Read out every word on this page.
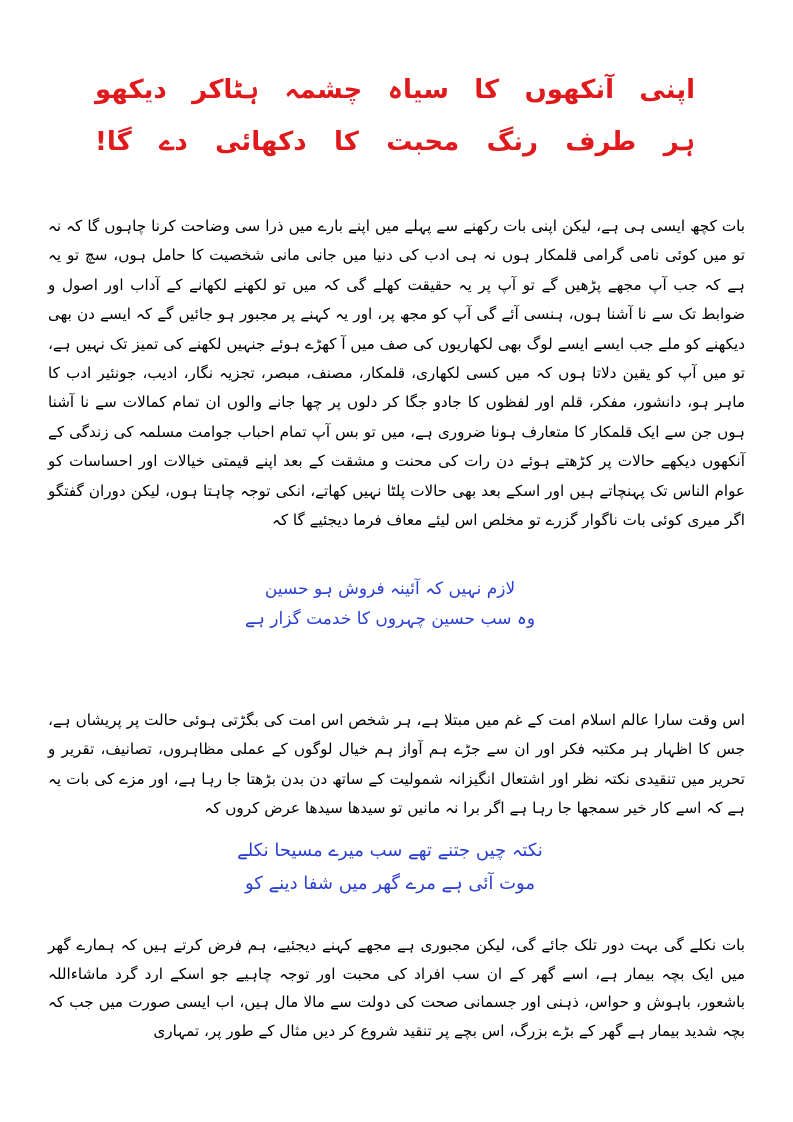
اپنی
آنکھوں
کا
سیاہ
چشمہ
ہٹاکر
دیکھو
ہر
طرف
رنگ
محبت
کا
دکھائی
دے
گا!

بات کچھ ایسی ہی ہے، لیکن اپنی بات رکھنے سے پہلے میں اپنے بارے میں ذرا سی وضاحت کرنا چاہوں گا کہ نہ تو میں کوئی نامی گرامی قلمکار ہوں نہ ہی ادب کی دنیا میں جانی مانی شخصیت کا حامل ہوں، سچ تو یہ ہے کہ جب آپ مجھے پڑھیں گے تو آپ پر یہ حقیقت کھلے گی کہ میں تو لکھنے لکھانے کے آداب اور اصول و ضوابط تک سے نا آشنا ہوں، ہنسی آئے گی آپ کو مجھ پر، اور یہ کہنے پر مجبور ہو جائیں گے کہ ایسے دن بھی دیکھنے کو ملے جب ایسے ایسے لوگ بھی لکھاریوں کی صف میں آ کھڑے ہوئے جنہیں لکھنے کی تمیز تک نہیں ہے، تو میں آپ کو یقین دلاتا ہوں کہ میں کسی لکھاری، قلمکار، مصنف، مبصر، تجزیہ نگار، ادیب، جونئیر ادب کا ماہر ہو، دانشور، مفکر، قلم اور لفظوں کا جادو جگا کر دلوں پر چھا جانے والوں ان تمام کمالات سے نا آشنا ہوں جن سے ایک قلمکار کا متعارف ہونا ضروری ہے، میں تو بس آپ تمام احباب جوامت مسلمہ کی زندگی کے آنکھوں دیکھے حالات پر کڑھتے ہوئے دن رات کی محنت و مشقت کے بعد اپنے قیمتی خیالات اور احساسات کو عوام الناس تک پہنچاتے ہیں اور اسکے بعد بھی حالات پلٹا نہیں کھاتے، انکی توجہ چاہتا ہوں، لیکن دوران گفتگو اگر میری کوئی بات ناگوار گزرے تو مخلص اس لیئے معاف فرما دیجئیے گا کہ

لازم نہیں کہ آئینہ فروش ہو حسین
وہ سب حسین چہروں کا خدمت گزار ہے

اس وقت سارا عالم اسلام امت کے غم میں مبتلا ہے، ہر شخص اس امت کی بگڑتی ہوئی حالت پر پریشاں ہے، جس کا اظہار ہر مکتبہ فکر اور ان سے جڑے ہم آواز ہم خیال لوگوں کے عملی مظاہروں، تصانیف، تقریر و تحریر میں تنقیدی نکتہ نظر اور اشتعال انگیزانہ شمولیت کے ساتھ دن بدن بڑھتا جا رہا ہے، اور مزے کی بات یہ ہے کہ اسے کار خیر سمجھا جا رہا ہے اگر برا نہ مانیں تو سیدھا سیدھا عرض کروں کہ

نکتہ چیں جتنے تھے سب میرے مسیحا نکلے
موت آئی ہے مرے گھر میں شفا دینے کو

بات نکلے گی بہت دور تلک جائے گی، لیکن مجبوری ہے مجھے کہنے دیجئیے، ہم فرض کرتے ہیں کہ ہمارے گھر میں ایک بچہ بیمار ہے، اسے گھر کے ان سب افراد کی محبت اور توجہ چاہیے جو اسکے ارد گرد ماشاءاللہ باشعور، باہوش و حواس، ذہنی اور جسمانی صحت کی دولت سے مالا مال ہیں، اب ایسی صورت میں جب کہ بچہ شدید بیمار ہے گھر کے بڑے بزرگ، اس بچے پر تنقید شروع کر دیں مثال کے طور پر، تمہاری
